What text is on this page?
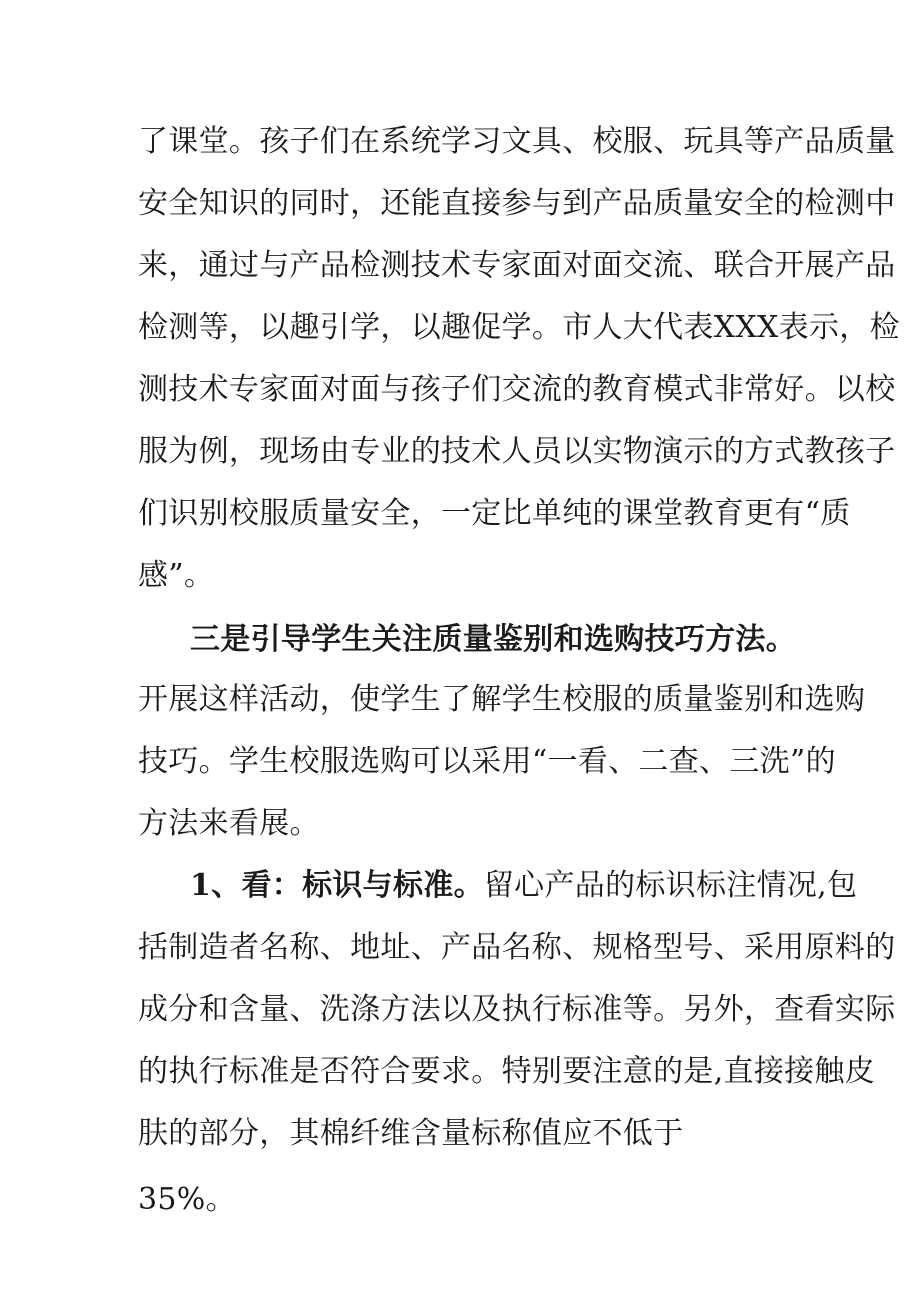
了课堂。孩子们在系统学习文具、校服、玩具等产品质量
安全知识的同时，还能直接参与到产品质量安全的检测中
来，通过与产品检测技术专家面对面交流、联合开展产品
检测等，以趣引学，以趣促学。市人大代表XXX表示，检
测技术专家面对面与孩子们交流的教育模式非常好。以校
服为例，现场由专业的技术人员以实物演示的方式教孩子
们识别校服质量安全，一定比单纯的课堂教育更有“质
感”。
三是引导学生关注质量鉴别和选购技巧方法。
开展这样活动，使学生了解学生校服的质量鉴别和选购
技巧。学生校服选购可以采用“一看、二查、三洗”的
方法来看展。
1、看：标识与标准。留心产品的标识标注情况,包
括制造者名称、地址、产品名称、规格型号、采用原料的
成分和含量、洗涤方法以及执行标准等。另外，查看实际
的执行标准是否符合要求。特别要注意的是,直接接触皮
肤的部分，其棉纤维含量标称值应不低于
35%。
